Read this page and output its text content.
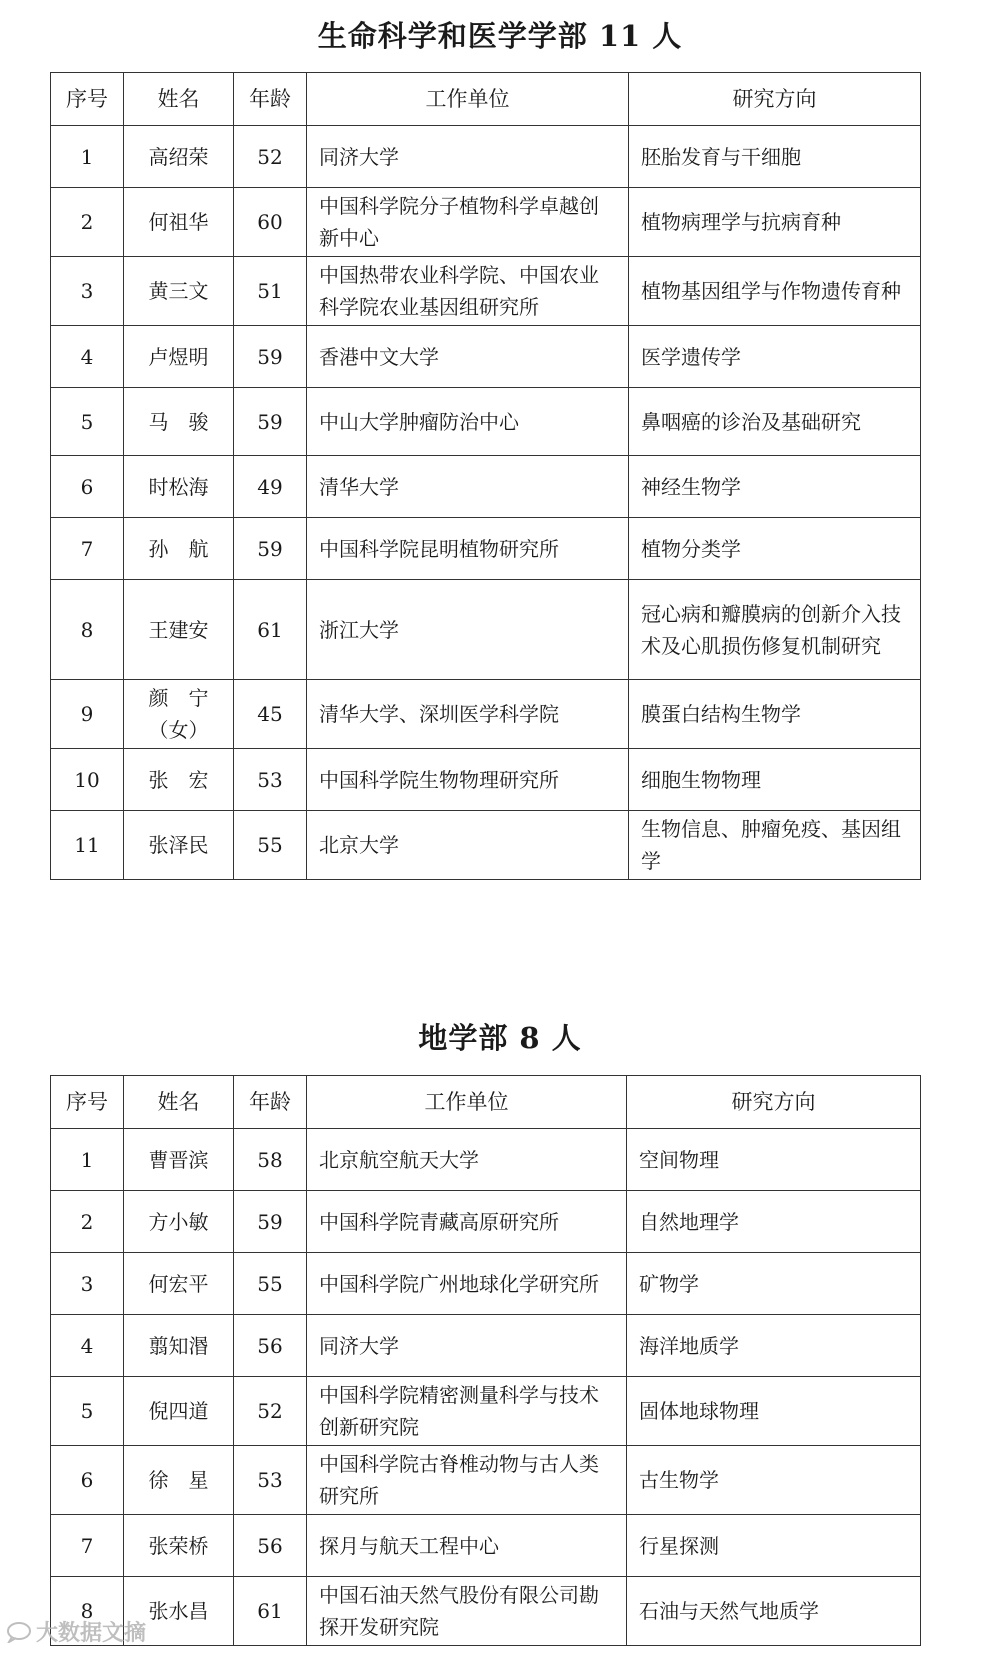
生命科学和医学学部 11 人
序号	姓名	年龄	工作单位	研究方向
1	高绍荣	52	同济大学	胚胎发育与干细胞
2	何祖华	60	中国科学院分子植物科学卓越创新中心	植物病理学与抗病育种
3	黄三文	51	中国热带农业科学院、中国农业科学院农业基因组研究所	植物基因组学与作物遗传育种
4	卢煜明	59	香港中文大学	医学遗传学
5	马　骏	59	中山大学肿瘤防治中心	鼻咽癌的诊治及基础研究
6	时松海	49	清华大学	神经生物学
7	孙　航	59	中国科学院昆明植物研究所	植物分类学
8	王建安	61	浙江大学	冠心病和瓣膜病的创新介入技术及心肌损伤修复机制研究
9	颜　宁（女）	45	清华大学、深圳医学科学院	膜蛋白结构生物学
10	张　宏	53	中国科学院生物物理研究所	细胞生物物理
11	张泽民	55	北京大学	生物信息、肿瘤免疫、基因组学
地学部 8 人
序号	姓名	年龄	工作单位	研究方向
1	曹晋滨	58	北京航空航天大学	空间物理
2	方小敏	59	中国科学院青藏高原研究所	自然地理学
3	何宏平	55	中国科学院广州地球化学研究所	矿物学
4	翦知湣	56	同济大学	海洋地质学
5	倪四道	52	中国科学院精密测量科学与技术创新研究院	固体地球物理
6	徐　星	53	中国科学院古脊椎动物与古人类研究所	古生物学
7	张荣桥	56	探月与航天工程中心	行星探测
8	张水昌	61	中国石油天然气股份有限公司勘探开发研究院	石油与天然气地质学
大数据文摘
